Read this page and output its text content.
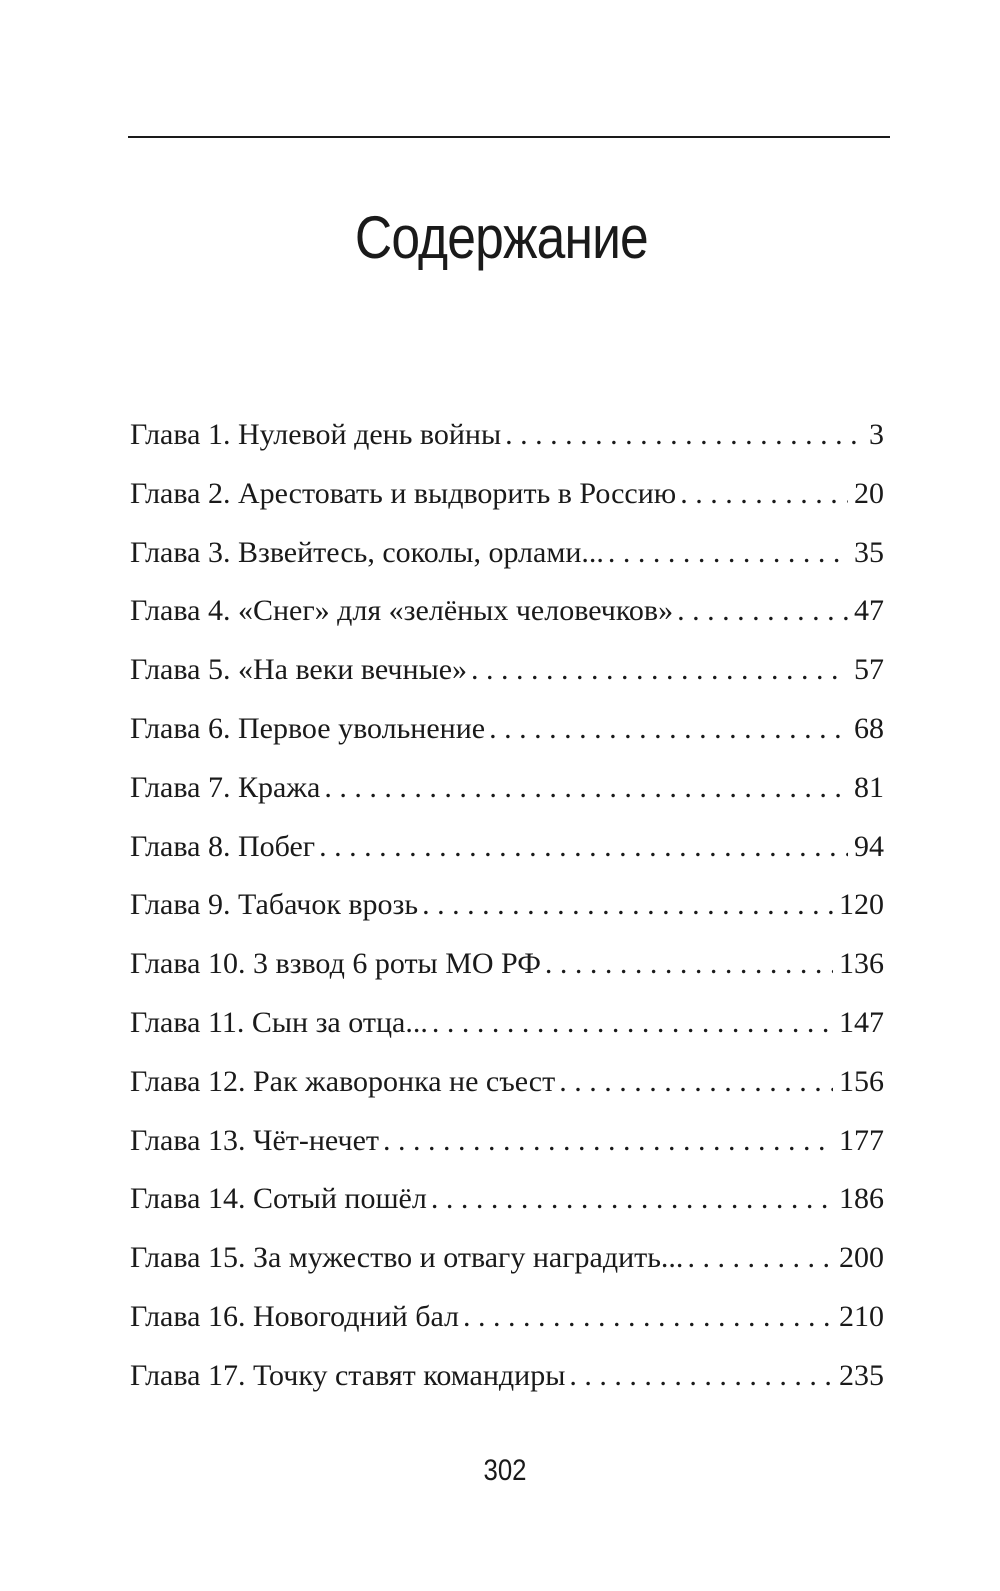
Содержание
Глава 1. Нулевой день войны . . .	3
Глава 2. Арестовать и выдворить в Россию . . .	20
Глава 3. Взвейтесь, соколы, орлами... . . .	35
Глава 4. «Снег» для «зелёных человечков» . . .	47
Глава 5. «На веки вечные» . . .	57
Глава 6. Первое увольнение . . .	68
Глава 7. Кража . . .	81
Глава 8. Побег . . .	94
Глава 9. Табачок врозь . . .	120
Глава 10. 3 взвод 6 роты МО РФ . . .	136
Глава 11. Сын за отца... . . .	147
Глава 12. Рак жаворонка не съест . . .	156
Глава 13. Чёт-нечет . . .	177
Глава 14. Сотый пошёл . . .	186
Глава 15. За мужество и отвагу наградить... . . .	200
Глава 16. Новогодний бал . . .	210
Глава 17. Точку ставят командиры . . .	235
302
